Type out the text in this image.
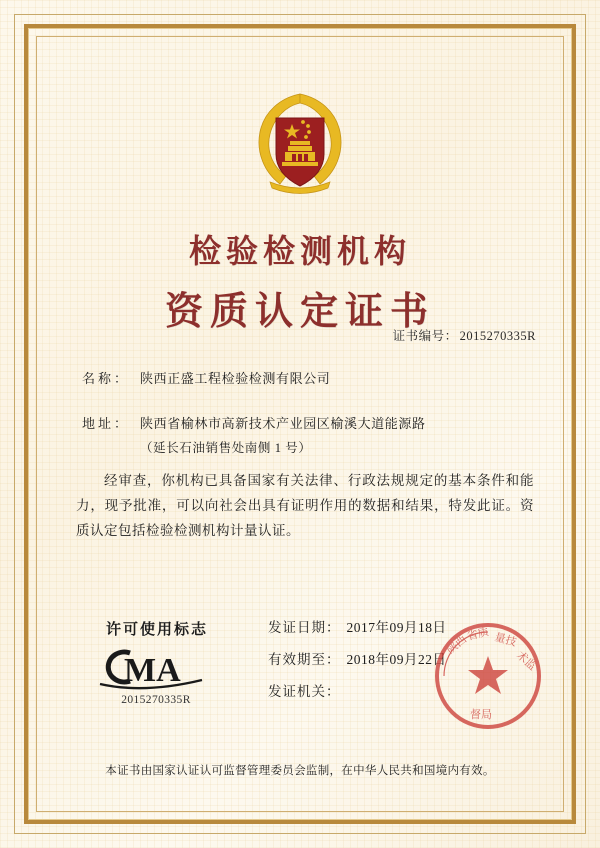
检验检测机构
资质认定证书
证书编号： 2015270335R
名称： 陕西正盛工程检验检测有限公司
地址： 陕西省榆林市高新技术产业园区榆溪大道能源路
（延长石油销售处南侧 1 号）
经审查，你机构已具备国家有关法律、行政法规规定的基本条件和能力，现予批准，可以向社会出具有证明作用的数据和结果，特发此证。资质认定包括检验检测机构计量认证。
许可使用标志
MA
2015270335R
发证日期： 2017年09月18日
有效期至： 2018年09月22日
发证机关：
陕西
省质 量技
术监
督局
本证书由国家认证认可监督管理委员会监制，在中华人民共和国境内有效。
